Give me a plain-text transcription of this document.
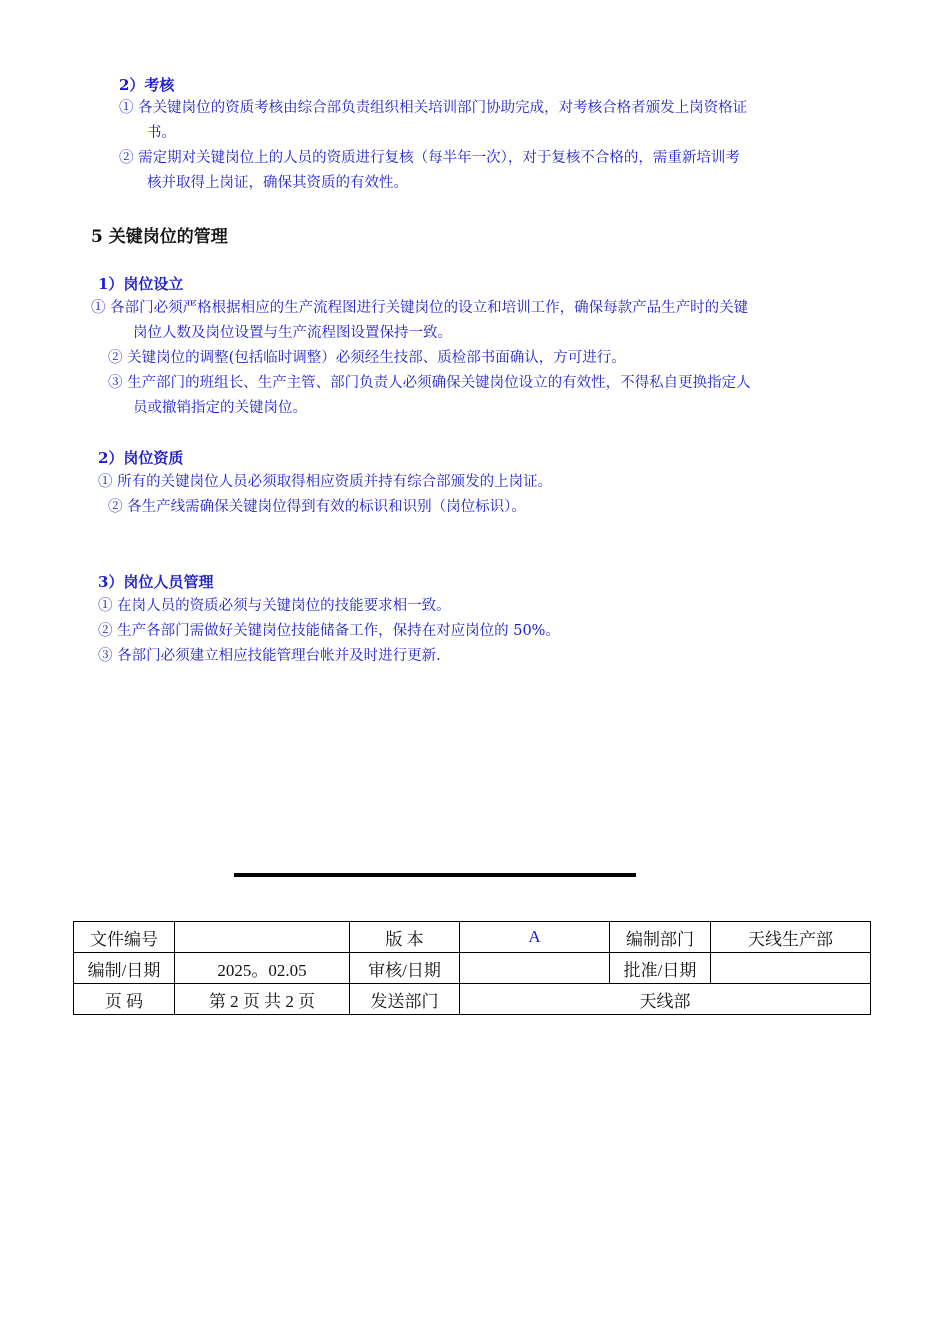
2）考核
① 各关键岗位的资质考核由综合部负责组织相关培训部门协助完成，对考核合格者颁发上岗资格证
书。
② 需定期对关键岗位上的人员的资质进行复核（每半年一次），对于复核不合格的，需重新培训考
核并取得上岗证，确保其资质的有效性。
5 关键岗位的管理
1）岗位设立
① 各部门必须严格根据相应的生产流程图进行关键岗位的设立和培训工作，确保每款产品生产时的关键
岗位人数及岗位设置与生产流程图设置保持一致。
② 关键岗位的调整(包括临时调整）必须经生技部、质检部书面确认，方可进行。
③ 生产部门的班组长、生产主管、部门负责人必须确保关键岗位设立的有效性，不得私自更换指定人
员或撤销指定的关键岗位。
2）岗位资质
① 所有的关键岗位人员必须取得相应资质并持有综合部颁发的上岗证。
② 各生产线需确保关键岗位得到有效的标识和识别（岗位标识）。
3）岗位人员管理
① 在岗人员的资质必须与关键岗位的技能要求相一致。
② 生产各部门需做好关键岗位技能储备工作，保持在对应岗位的 50%。
③ 各部门必须建立相应技能管理台帐并及时进行更新.
文件编号		版 本	A	编制部门	天线生产部
编制/日期	2025。02.05	审核/日期		批准/日期	
页 码	第 2 页 共 2 页	发送部门	天线部		
